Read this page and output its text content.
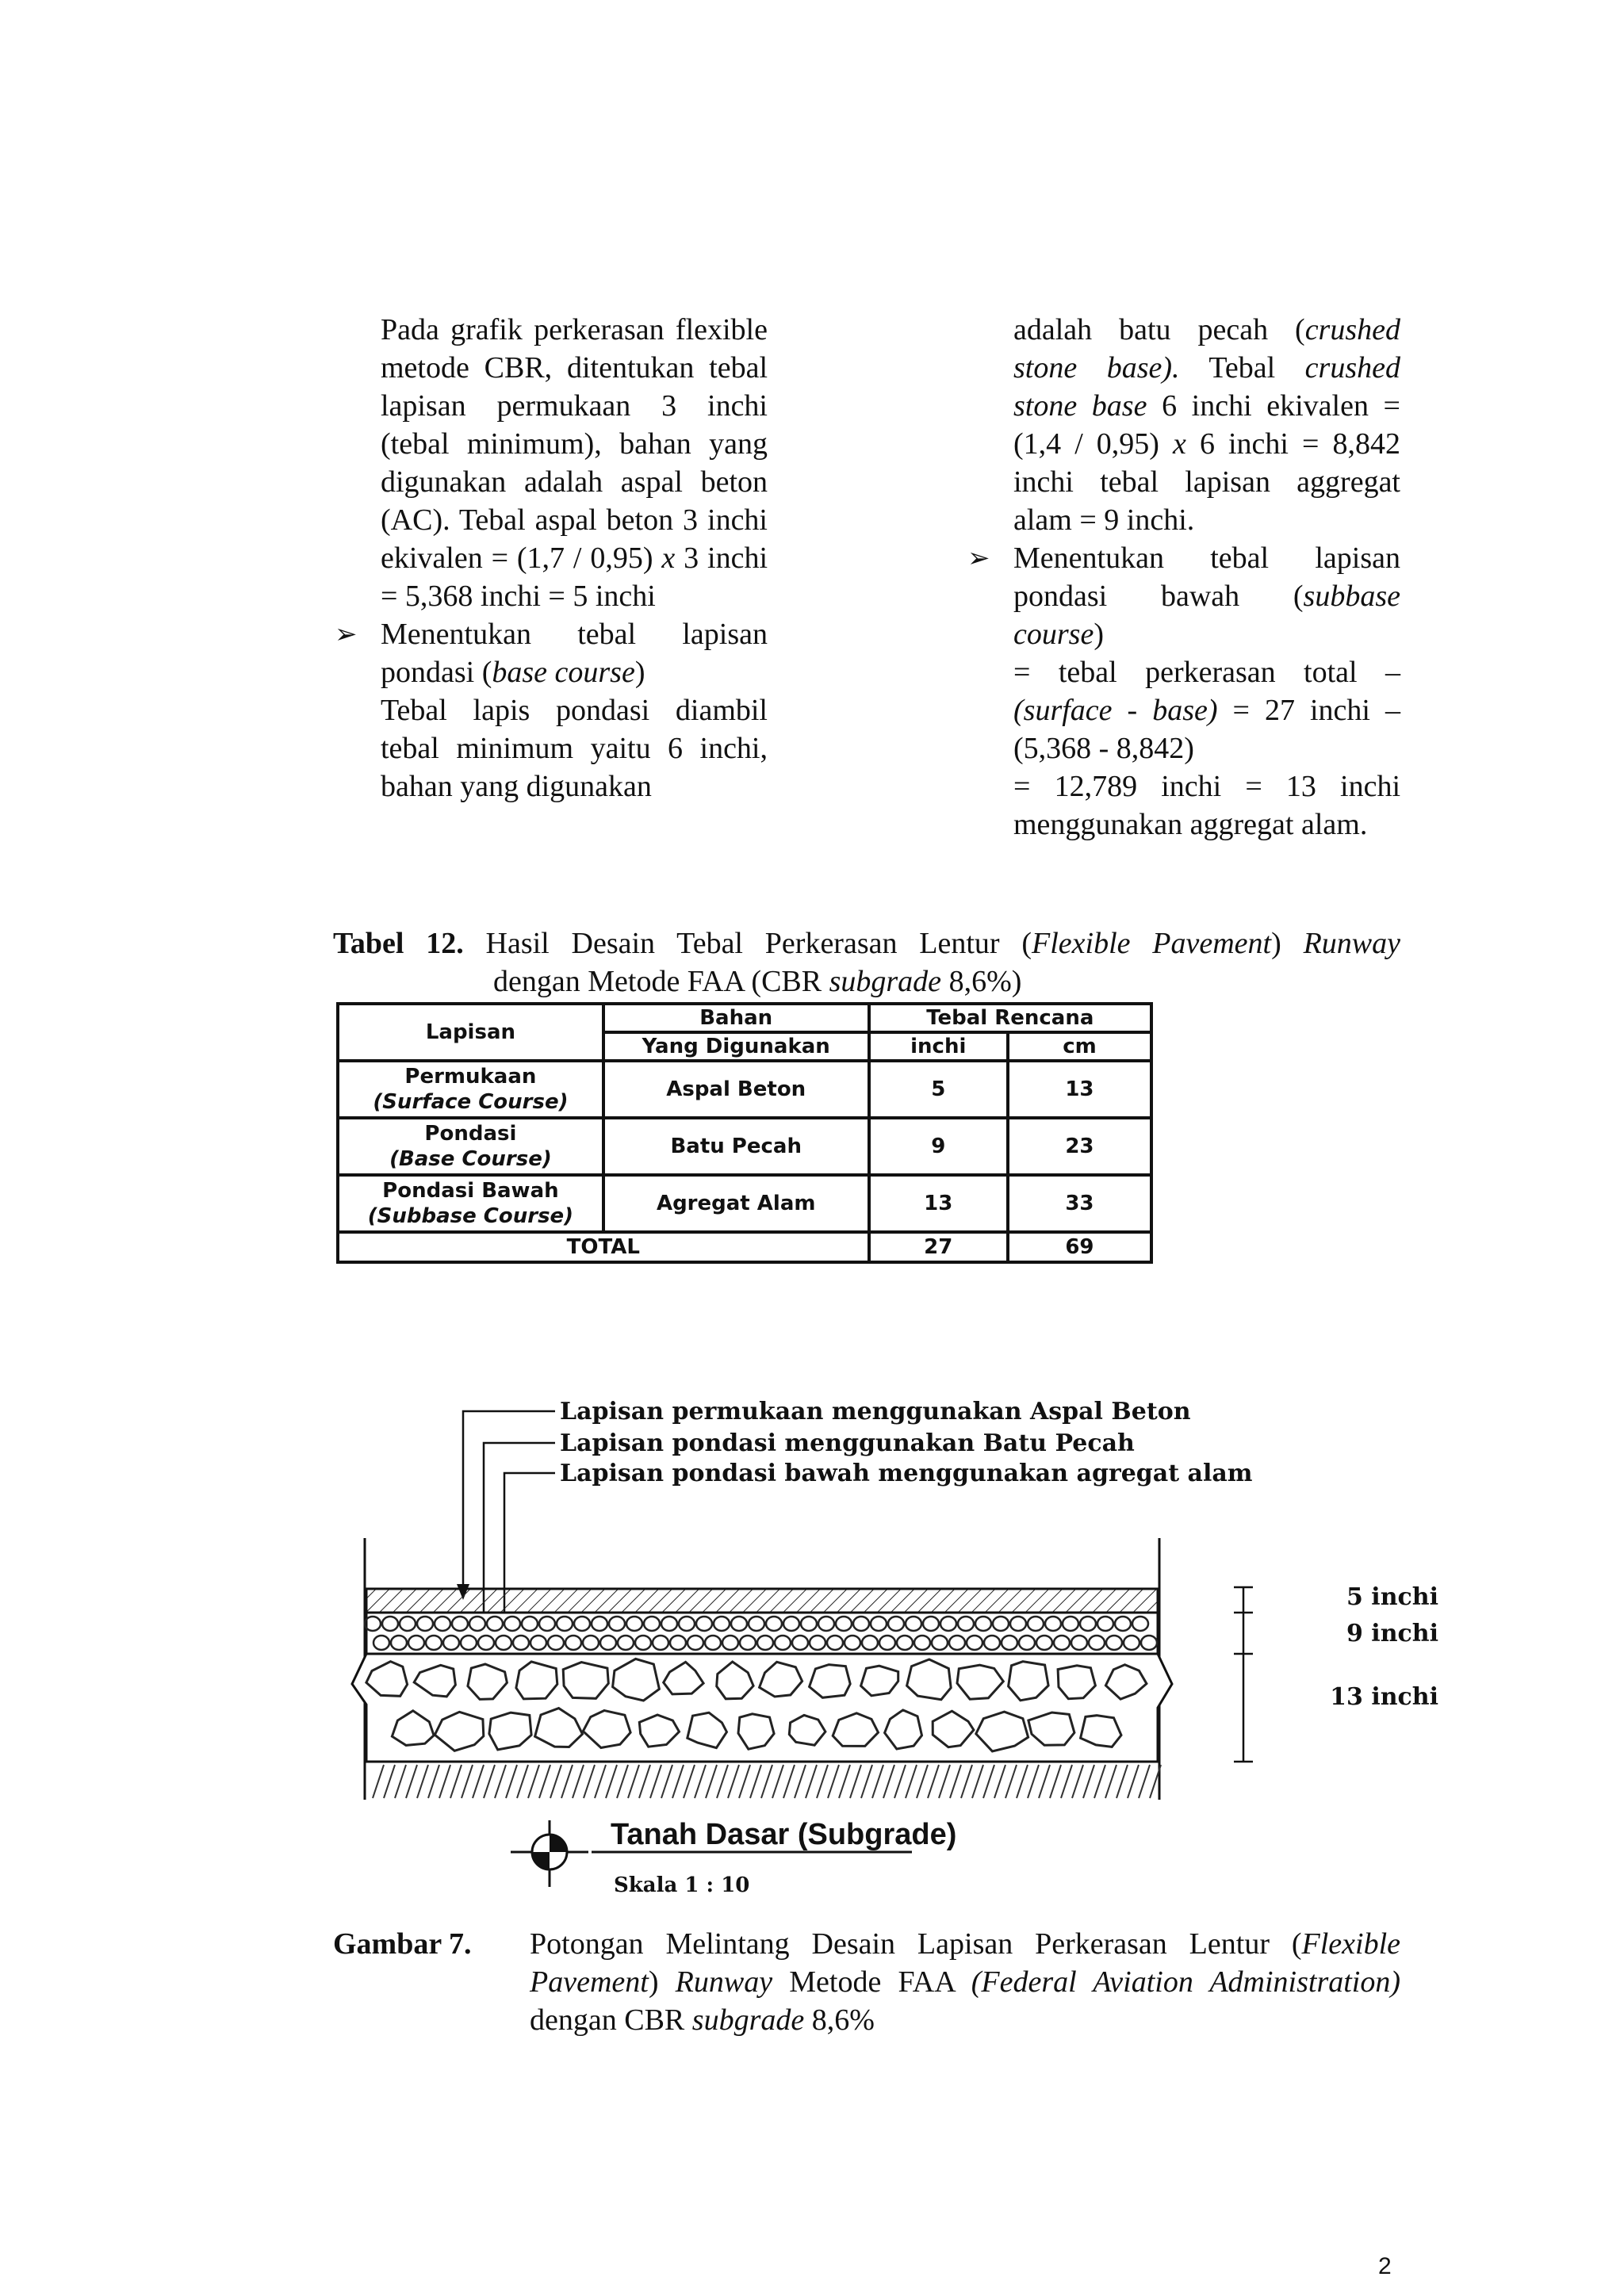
Pada grafik perkerasan flexible metode CBR, ditentukan tebal lapisan permukaan 3 inchi (tebal minimum), bahan yang digunakan adalah aspal beton (AC). Tebal aspal beton 3 inchi ekivalen = (1,7 / 0,95) x 3 inchi = 5,368 inchi = 5 inchi

➢ Menentukan tebal lapisan pondasi (base course)

Tebal lapis pondasi diambil tebal minimum yaitu 6 inchi, bahan yang digunakan

adalah batu pecah (crushed stone base). Tebal crushed stone base 6 inchi ekivalen = (1,4 / 0,95) x 6 inchi = 8,842 inchi tebal lapisan aggregat alam = 9 inchi.

➢ Menentukan tebal lapisan pondasi bawah (subbase course)

= tebal perkerasan total – (surface - base) = 27 inchi – (5,368 - 8,842)

= 12,789 inchi = 13 inchi menggunakan aggregat alam.

Tabel 12. Hasil Desain Tebal Perkerasan Lentur (Flexible Pavement) Runway
dengan Metode FAA (CBR subgrade 8,6%)
Lapisan	Bahan	Tebal Rencana	
	Yang Digunakan	inchi	cm

Permukaan
(Surface Course)	Aspal Beton	5	13

Pondasi
(Base Course)	Batu Pecah	9	23

Pondasi Bawah
(Subbase Course)	Agregat Alam	13	33
TOTAL		27	69
Lapisan permukaan menggunakan Aspal Beton
Lapisan pondasi menggunakan Batu Pecah
Lapisan pondasi bawah menggunakan agregat alam
5 inchi
9 inchi
13 inchi
Tanah Dasar (Subgrade)
Skala 1 : 10
Gambar 7. Potongan Melintang Desain Lapisan Perkerasan Lentur (Flexible Pavement) Runway Metode FAA (Federal Aviation Administration) dengan CBR subgrade 8,6%
2
